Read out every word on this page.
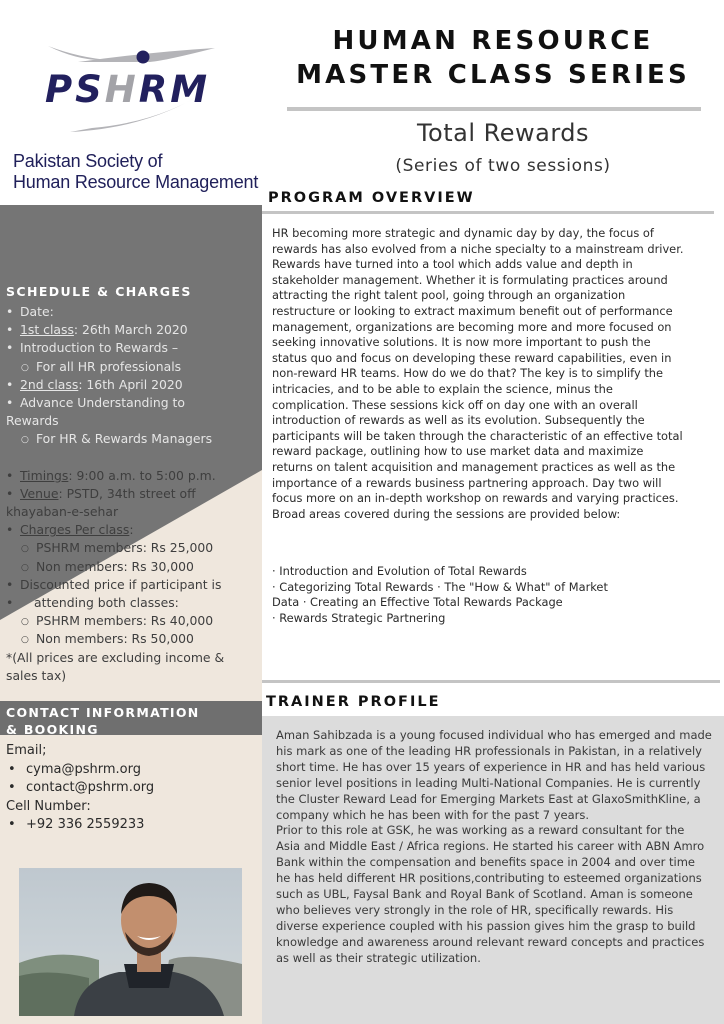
PSHRM
Pakistan Society of
Human Resource Management
SCHEDULE & CHARGES
• Date:
• 1st class: 26th March 2020
• Introduction to Rewards –
○ For all HR professionals
• 2nd class: 16th April 2020
• Advance Understanding to
Rewards
○ For HR & Rewards Managers
• Timings: 9:00 a.m. to 5:00 p.m.
• Venue: PSTD, 34th street off
khayaban-e-sehar
• Charges Per class:
○ PSHRM members: Rs 25,000
○ Non members: Rs 30,000
• Discounted price if participant is
• attending both classes:
○ PSHRM members: Rs 40,000
○ Non members: Rs 50,000
*(All prices are excluding income &
sales tax)
CONTACT INFORMATION
& BOOKING
Email;
• cyma@pshrm.org
• contact@pshrm.org
Cell Number:
• +92 336 2559233
HUMAN RESOURCE
MASTER CLASS SERIES
Total Rewards
(Series of two sessions)
PROGRAM OVERVIEW
HR becoming more strategic and dynamic day by day, the focus of rewards has also evolved from a niche specialty to a mainstream driver. Rewards have turned into a tool which adds value and depth in stakeholder management. Whether it is formulating practices around attracting the right talent pool, going through an organization restructure or looking to extract maximum benefit out of performance management, organizations are becoming more and more focused on seeking innovative solutions. It is now more important to push the status quo and focus on developing these reward capabilities, even in non-reward HR teams. How do we do that? The key is to simplify the intricacies, and to be able to explain the science, minus the complication. These sessions kick off on day one with an overall introduction of rewards as well as its evolution. Subsequently the participants will be taken through the characteristic of an effective total reward package, outlining how to use market data and maximize returns on talent acquisition and management practices as well as the importance of a rewards business partnering approach. Day two will focus more on an in-depth workshop on rewards and varying practices. Broad areas covered during the sessions are provided below:
· Introduction and Evolution of Total Rewards
· Categorizing Total Rewards · The "How & What" of Market
Data · Creating an Effective Total Rewards Package
· Rewards Strategic Partnering
TRAINER PROFILE
Aman Sahibzada is a young focused individual who has emerged and made his mark as one of the leading HR professionals in Pakistan, in a relatively short time. He has over 15 years of experience in HR and has held various senior level positions in leading Multi-National Companies. He is currently the Cluster Reward Lead for Emerging Markets East at GlaxoSmithKline, a company which he has been with for the past 7 years.
Prior to this role at GSK, he was working as a reward consultant for the Asia and Middle East / Africa regions. He started his career with ABN Amro Bank within the compensation and benefits space in 2004 and over time he has held different HR positions,contributing to esteemed organizations such as UBL, Faysal Bank and Royal Bank of Scotland. Aman is someone who believes very strongly in the role of HR, specifically rewards. His diverse experience coupled with his passion gives him the grasp to build knowledge and awareness around relevant reward concepts and practices as well as their strategic utilization.
